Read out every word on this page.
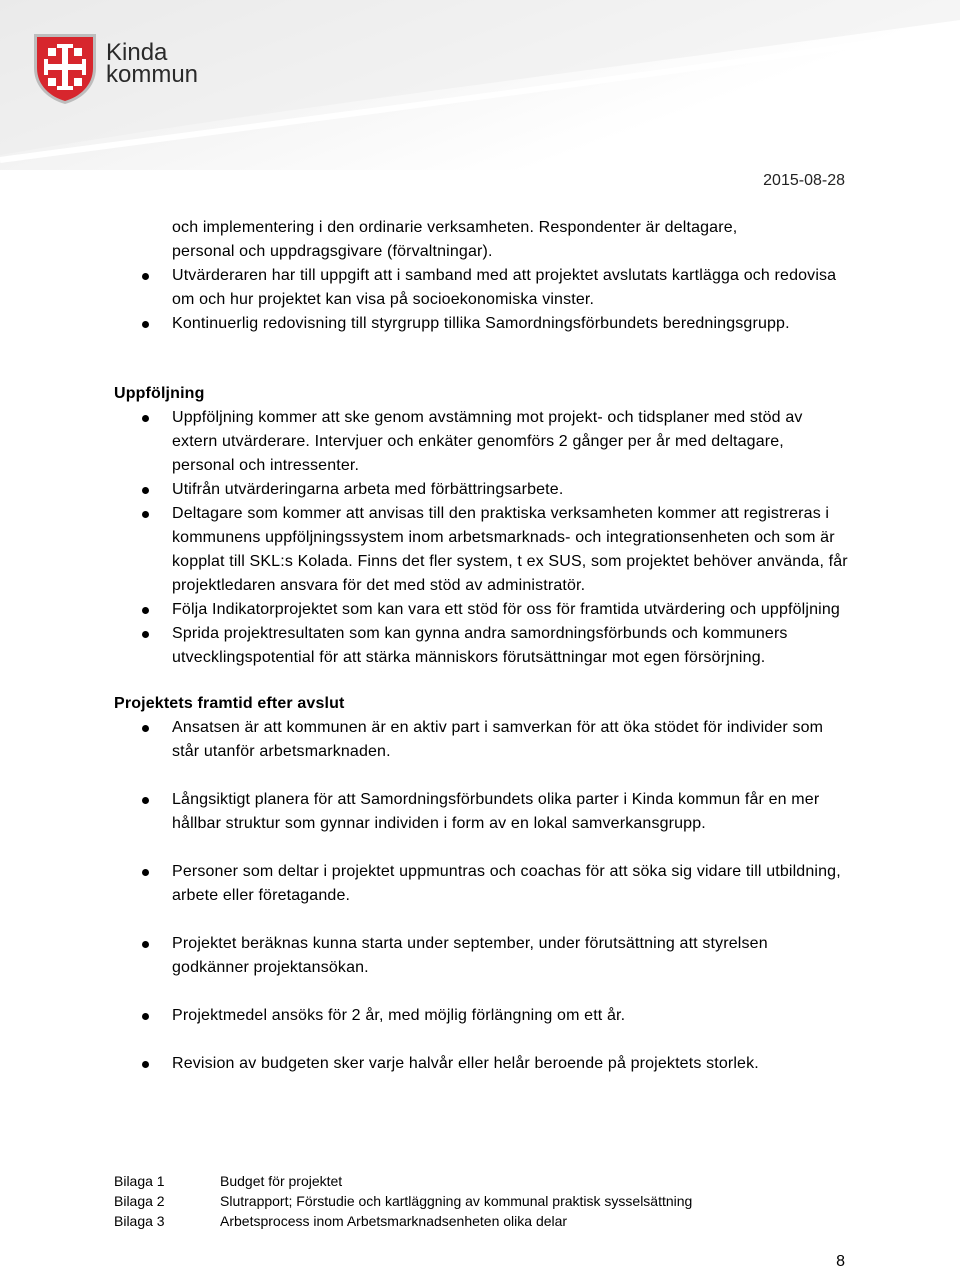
Kinda
kommun
2015-08-28

och implementering i den ordinarie verksamheten. Respondenter är deltagare,

personal och uppdragsgivare (förvaltningar).

Utvärderaren har till uppgift att i samband med att projektet avslutats kartlägga och redovisa om och hur projektet kan visa på socioekonomiska vinster.
Kontinuerlig redovisning till styrgrupp tillika Samordningsförbundets beredningsgrupp.

Uppföljning

Uppföljning kommer att ske genom avstämning mot projekt- och tidsplaner med stöd av extern utvärderare. Intervjuer och enkäter genomförs 2 gånger per år med deltagare, personal och intressenter.
Utifrån utvärderingarna arbeta med förbättringsarbete.
Deltagare som kommer att anvisas till den praktiska verksamheten kommer att registreras i kommunens uppföljningssystem inom arbetsmarknads- och integrationsenheten och som är kopplat till SKL:s Kolada. Finns det fler system, t ex SUS, som projektet behöver använda, får projektledaren ansvara för det med stöd av administratör.
Följa Indikatorprojektet som kan vara ett stöd för oss för framtida utvärdering och uppföljning
Sprida projektresultaten som kan gynna andra samordningsförbunds och kommuners utvecklingspotential för att stärka människors förutsättningar mot egen försörjning.

Projektets framtid efter avslut

Ansatsen är att kommunen är en aktiv part i samverkan för att öka stödet för individer som står utanför arbetsmarknaden.
Långsiktigt planera för att Samordningsförbundets olika parter i Kinda kommun får en mer hållbar struktur som gynnar individen i form av en lokal samverkansgrupp.
Personer som deltar i projektet uppmuntras och coachas för att söka sig vidare till utbildning, arbete eller företagande.
Projektet beräknas kunna starta under september, under förutsättning att styrelsen godkänner projektansökan.
Projektmedel ansöks för 2 år, med möjlig förlängning om ett år.
Revision av budgeten sker varje halvår eller helår beroende på projektets storlek.
Bilaga 1	Budget för projektet
Bilaga 2	Slutrapport; Förstudie och kartläggning av kommunal praktisk sysselsättning
Bilaga 3	Arbetsprocess inom Arbetsmarknadsenheten olika delar
8
